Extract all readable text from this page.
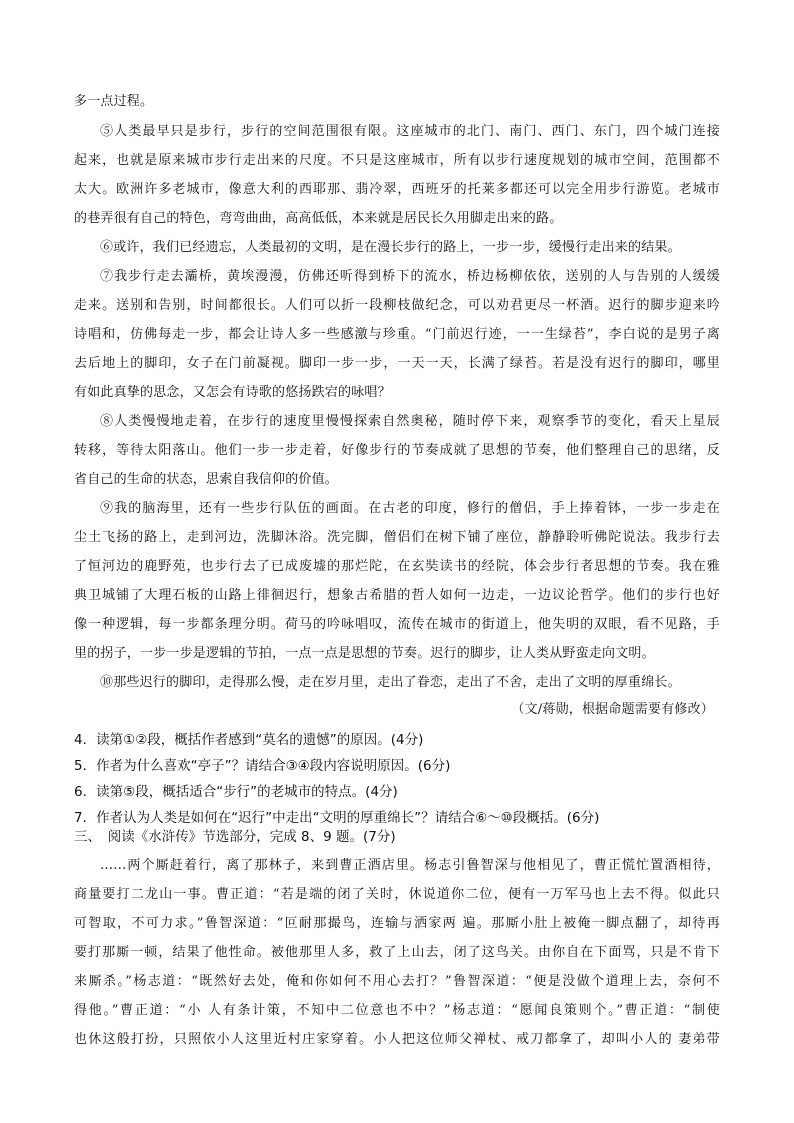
多一点过程。
⑤人类最早只是步行，步行的空间范围很有限。这座城市的北门、南门、西门、东门，四个城门连接
起来，也就是原来城市步行走出来的尺度。不只是这座城市，所有以步行速度规划的城市空间，范围都不
太大。欧洲许多老城市，像意大利的西耶那、翡冷翠，西班牙的托莱多都还可以完全用步行游览。老城市
的巷弄很有自己的特色，弯弯曲曲，高高低低，本来就是居民长久用脚走出来的路。
⑥或许，我们已经遗忘，人类最初的文明，是在漫长步行的路上，一步一步，缓慢行走出来的结果。
⑦我步行走去灞桥，黄埃漫漫，仿佛还听得到桥下的流水，桥边杨柳依依，送别的人与告别的人缓缓
走来。送别和告别，时间都很长。人们可以折一段柳枝做纪念，可以劝君更尽一杯酒。迟行的脚步迎来吟
诗唱和，仿佛每走一步，都会让诗人多一些感激与珍重。“门前迟行迹，一一生绿苔”，李白说的是男子离
去后地上的脚印，女子在门前凝视。脚印一步一步，一天一天，长满了绿苔。若是没有迟行的脚印，哪里
有如此真挚的思念，又怎会有诗歌的悠扬跌宕的咏唱？
⑧人类慢慢地走着，在步行的速度里慢慢探索自然奥秘，随时停下来，观察季节的变化，看天上星辰
转移，等待太阳落山。他们一步一步走着，好像步行的节奏成就了思想的节奏，他们整理自己的思绪，反
省自己的生命的状态，思索自我信仰的价值。
⑨我的脑海里，还有一些步行队伍的画面。在古老的印度，修行的僧侣，手上捧着钵，一步一步走在
尘土飞扬的路上，走到河边，洗脚沐浴。洗完脚，僧侣们在树下铺了座位，静静聆听佛陀说法。我步行去
了恒河边的鹿野苑，也步行去了已成废墟的那烂陀，在玄奘读书的经院，体会步行者思想的节奏。我在雅
典卫城铺了大理石板的山路上徘徊迟行，想象古希腊的哲人如何一边走，一边议论哲学。他们的步行也好
像一种逻辑，每一步都条理分明。荷马的吟咏唱叹，流传在城市的街道上，他失明的双眼，看不见路，手
里的拐子，一步一步是逻辑的节拍，一点一点是思想的节奏。迟行的脚步，让人类从野蛮走向文明。
⑩那些迟行的脚印，走得那么慢，走在岁月里，走出了眷恋，走出了不舍，走出了文明的厚重绵长。
（文/蒋勋，根据命题需要有修改）
4．读第①②段，概括作者感到“莫名的遗憾”的原因。(4分)
5．作者为什么喜欢“亭子”？请结合③④段内容说明原因。(6分)
6．读第⑤段，概括适合“步行”的老城市的特点。(4分)
7．作者认为人类是如何在“迟行”中走出“文明的厚重绵长”？请结合⑥～⑩段概括。(6分)
三、　阅读《水浒传》节选部分，完成 8、9 题。(7分)
……两个厮赶着行，离了那林子，来到曹正酒店里。杨志引鲁智深与他相见了，曹正慌忙置酒相待，
商量要打二龙山一事。曹正道：“若是端的闭了关时，休说道你二位，便有一万军马也上去不得。似此只
可智取，不可力求。”鲁智深道：“叵耐那撮鸟，连输与洒家两 遍。那厮小肚上被俺一脚点翻了，却待再
要打那厮一顿，结果了他性命。被他那里人多，救了上山去，闭了这鸟关。由你自在下面骂，只是不肯下
来厮杀。”杨志道：“既然好去处，俺和你如何不用心去打？”鲁智深道：“便是没做个道理上去，奈何不
得他。”曹正道：“小 人有条计策，不知中二位意也不中？”杨志道：“愿闻良策则个。”曹正道：“制使
也休这般打扮，只照依小人这里近村庄家穿着。小人把这位师父禅杖、戒刀都拿了，却叫小人的 妻弟带
